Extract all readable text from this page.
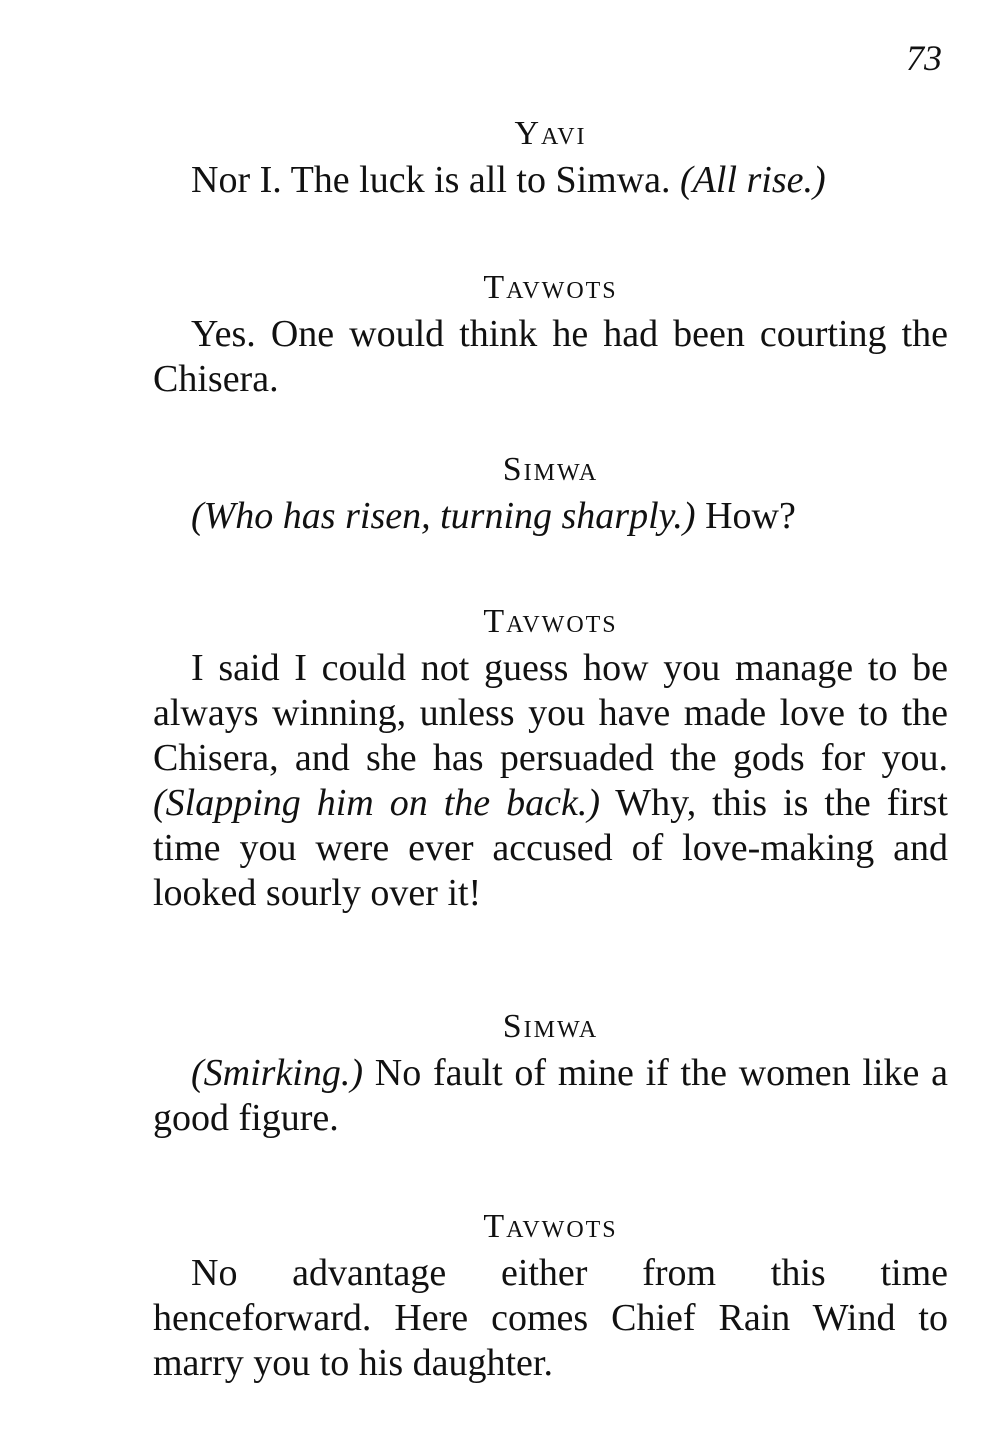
73
Yavi
Nor I. The luck is all to Simwa. (All rise.)
Tavwots
Yes. One would think he had been courting the Chisera.
Simwa
(Who has risen, turning sharply.) How?
Tavwots
I said I could not guess how you manage to be always winning, unless you have made love to the Chisera, and she has persuaded the gods for you. (Slapping him on the back.) Why, this is the first time you were ever accused of love-making and looked sourly over it!
Simwa
(Smirking.) No fault of mine if the women like a good figure.
Tavwots
No advantage either from this time henceforward. Here comes Chief Rain Wind to marry you to his daughter.
